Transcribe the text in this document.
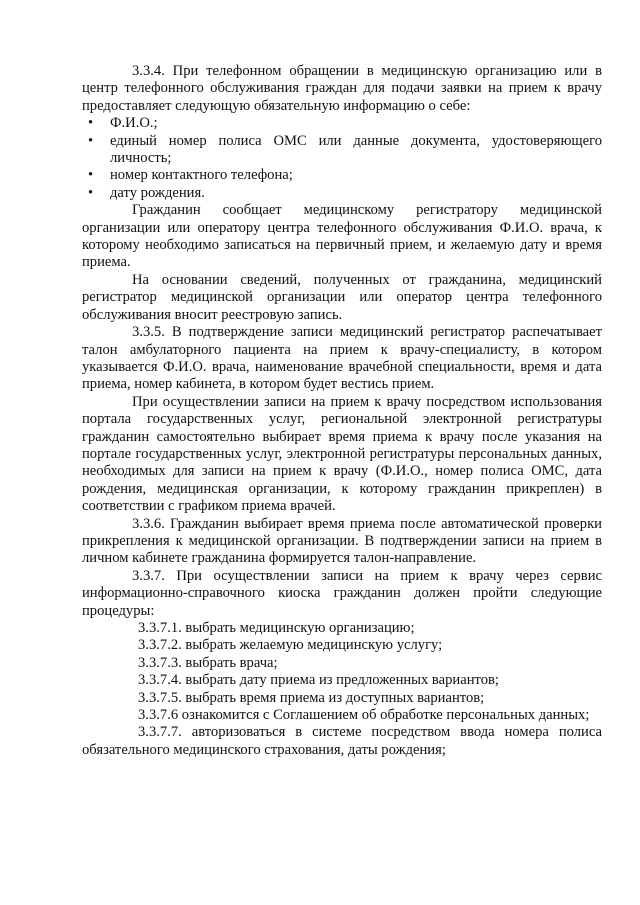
3.3.4. При телефонном обращении в медицинскую организацию или в центр телефонного обслуживания граждан для подачи заявки на прием к врачу предоставляет следующую обязательную информацию о себе:

• Ф.И.О.;
• единый номер полиса ОМС или данные документа, удостоверяющего личность;
• номер контактного телефона;
• дату рождения.

Гражданин сообщает медицинскому регистратору медицинской организации или оператору центра телефонного обслуживания Ф.И.О. врача, к которому необходимо записаться на первичный прием, и желаемую дату и время приема.

На основании сведений, полученных от гражданина, медицинский регистратор медицинской организации или оператор центра телефонного обслуживания вносит реестровую запись.

3.3.5. В подтверждение записи медицинский регистратор распечатывает талон амбулаторного пациента на прием к врачу-специалисту, в котором указывается Ф.И.О. врача, наименование врачебной специальности, время и дата приема, номер кабинета, в котором будет вестись прием.

При осуществлении записи на прием к врачу посредством использования портала государственных услуг, региональной электронной регистратуры гражданин самостоятельно выбирает время приема к врачу после указания на портале государственных услуг, электронной регистратуры персональных данных, необходимых для записи на прием к врачу (Ф.И.О., номер полиса ОМС, дата рождения, медицинская организации, к которому гражданин прикреплен) в соответствии с графиком приема врачей.

3.3.6. Гражданин выбирает время приема после автоматической проверки прикрепления к медицинской организации. В подтверждении записи на прием в личном кабинете гражданина формируется талон-направление.

3.3.7. При осуществлении записи на прием к врачу через сервис информационно-справочного киоска гражданин должен пройти следующие процедуры:

3.3.7.1. выбрать медицинскую организацию;

3.3.7.2. выбрать желаемую медицинскую услугу;

3.3.7.3. выбрать врача;

3.3.7.4. выбрать дату приема из предложенных вариантов;

3.3.7.5. выбрать время приема из доступных вариантов;

3.3.7.6 ознакомится с Соглашением об обработке персональных данных;

3.3.7.7. авторизоваться в системе посредством ввода номера полиса обязательного медицинского страхования, даты рождения;
